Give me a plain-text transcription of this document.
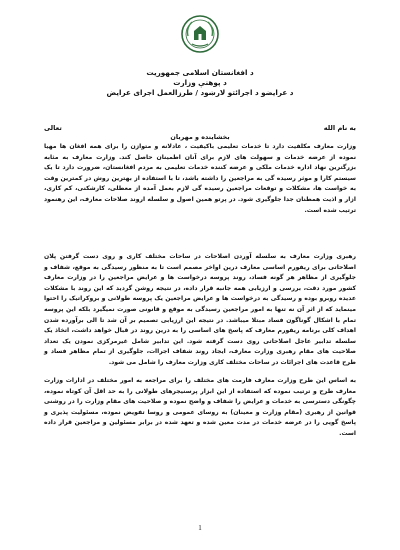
د افغانستان اسلامی جمهوریت
د پوهنې وزارت
د عرایضو د اجرائتو لارښود / طرزالعمل اجرای عرایض
به نام الله
تعالی
بخشاینده و مهربان
وزارت معارف مکلفیت دارد تا خدمات تعلیمی باکیفیت ، عادلانه و متوازن را برای همه افغان ها مهیا نموده از عرضه خدمات و سهولت های لازم برای آنان اطمینان حاصل کند. وزارت معارف به مثابه بزرگترین نهاد اداره خدمات ملکی و عرضه کننده خدمات تعلیمی به مردم افغانستان، ضرورت دارد تا یک سیستم کارا و موثر رسیده گی به مراجعین را داشته باشد، تا با استفاده از بهترین روش در کمترین وقت به خواست ها، مشکلات و توقعات مراجعین رسیده گی لازم بعمل آمده از معطلی، کارشکنی، کم کاری، ازار و اذیت همطنان جدا جلوگیری شود. در پرتو همین اصول و سلسله اروند صلاحات معارف، این رهنمود ترتیب شده است.
رهبری وزارت معارف به سلسله آوردن اصلاحات در ساحات مختلف کاری و روی دست گرفتن پلان اصلاحاتی برای ریفورم اساسی معارف درین اواخر مصمم است تا به منظور رسیدگی به موقع، شفاف و جلوگیری از مظاهر هر گونه فساد، روند پروسه درخواست ها و عرایض مراجعین را در وزارت معارف کشور مورد دقت، بررسی و ارزیابی همه جانبه قرار داده، در نتیجه روشن گردید که این روند با مشکلات عدیده روبرو بوده و رسیدگی به درخواست ها و عرایض مراجعین یک پروسه طولانی و بروکراتیک را احتوا مینماید که از اثر آن نه تنها به امور مراجعین رسیدگی به موقع و قانونی صورت نمیگیرد بلکه این پروسه تمام با اشکال گوناگون فساد مبتلا میباشد. در نتیجه این ارزیابی تصمیم بر آن شد تا الی برآورده شدن اهداف کلی برنامه ریفورم معارف که پاسخ های اساسی را به درین روند در قبال خواهد داشت، اتخاذ یک سلسله تدابیر عاجل اصلاحاتی روی دست گرفته شود. این تدابیر شامل غیرمرکزی نمودن یک تعداد صلاحیت های مقام رهبری وزارت معارف، ایجاد روند شفاف اجراات، جلوگیری از تمام مظاهر فساد و طرح قاعدت های اجرائات در ساحات مختلف کاری وزارت معارف را شامل می شود.
به اساس این طرح وزارت معارف فارمت های مختلف را برای مراجعه به امور مختلف در ادارات وزارت معارف طرح و ترتیب نموده که استفاده از این ابزار پرسنیجرهای طولانی را به حد اقل آن کوتاه نموده، چگونگی دسترسی به خدمات و عرایض را شفاف و واضح نموده و صلاحیت های مقام وزارت را در روشنی قوانین از رهبری (مقام وزارت و معینان) به روسای عمومی و روسا تفویض نموده، مسئولیت پذیری و پاسخ گویی را در عرضه خدمات در مدت معین شده و تعهد شده در برابر مسئولین و مراجعین قرار داده است.
1
